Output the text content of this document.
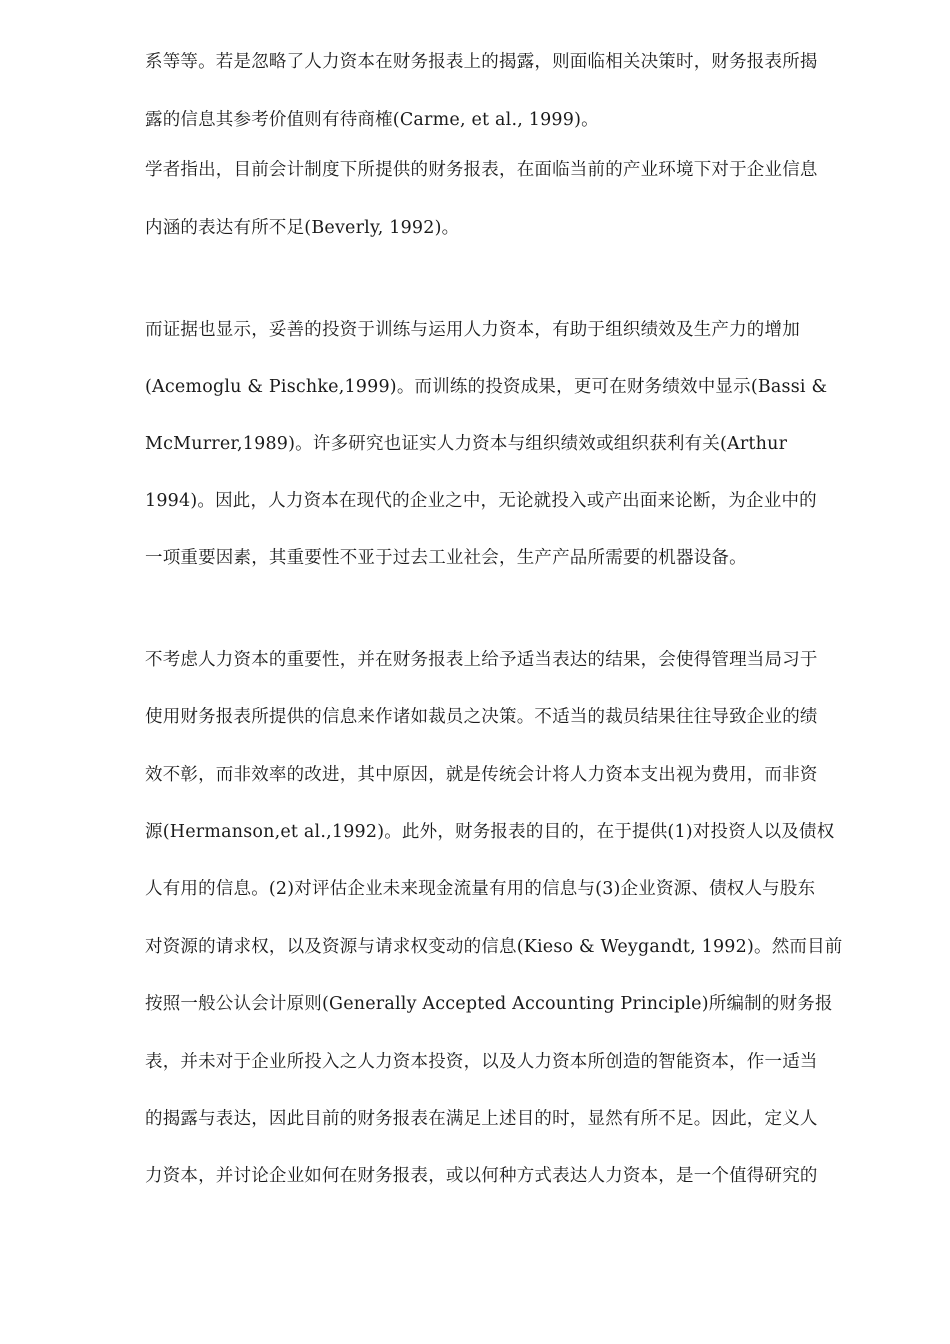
系等等。若是忽略了人力资本在财务报表上的揭露，则面临相关决策时，财务报表所揭
露的信息其参考价值则有待商榷(Carme, et al., 1999)。
学者指出，目前会计制度下所提供的财务报表，在面临当前的产业环境下对于企业信息
内涵的表达有所不足(Beverly, 1992)。
而证据也显示，妥善的投资于训练与运用人力资本，有助于组织绩效及生产力的增加
(Acemoglu & Pischke,1999)。而训练的投资成果，更可在财务绩效中显示(Bassi &
McMurrer,1989)。许多研究也证实人力资本与组织绩效或组织获利有关(Arthur
1994)。因此，人力资本在现代的企业之中，无论就投入或产出面来论断，为企业中的
一项重要因素，其重要性不亚于过去工业社会，生产产品所需要的机器设备。
不考虑人力资本的重要性，并在财务报表上给予适当表达的结果，会使得管理当局习于
使用财务报表所提供的信息来作诸如裁员之决策。不适当的裁员结果往往导致企业的绩
效不彰，而非效率的改进，其中原因，就是传统会计将人力资本支出视为费用，而非资
源(Hermanson,et al.,1992)。此外，财务报表的目的，在于提供(1)对投资人以及债权
人有用的信息。(2)对评估企业未来现金流量有用的信息与(3)企业资源、债权人与股东
对资源的请求权，以及资源与请求权变动的信息(Kieso & Weygandt, 1992)。然而目前
按照一般公认会计原则(Generally Accepted Accounting Principle)所编制的财务报
表，并未对于企业所投入之人力资本投资，以及人力资本所创造的智能资本，作一适当
的揭露与表达，因此目前的财务报表在满足上述目的时，显然有所不足。因此，定义人
力资本，并讨论企业如何在财务报表，或以何种方式表达人力资本，是一个值得研究的
